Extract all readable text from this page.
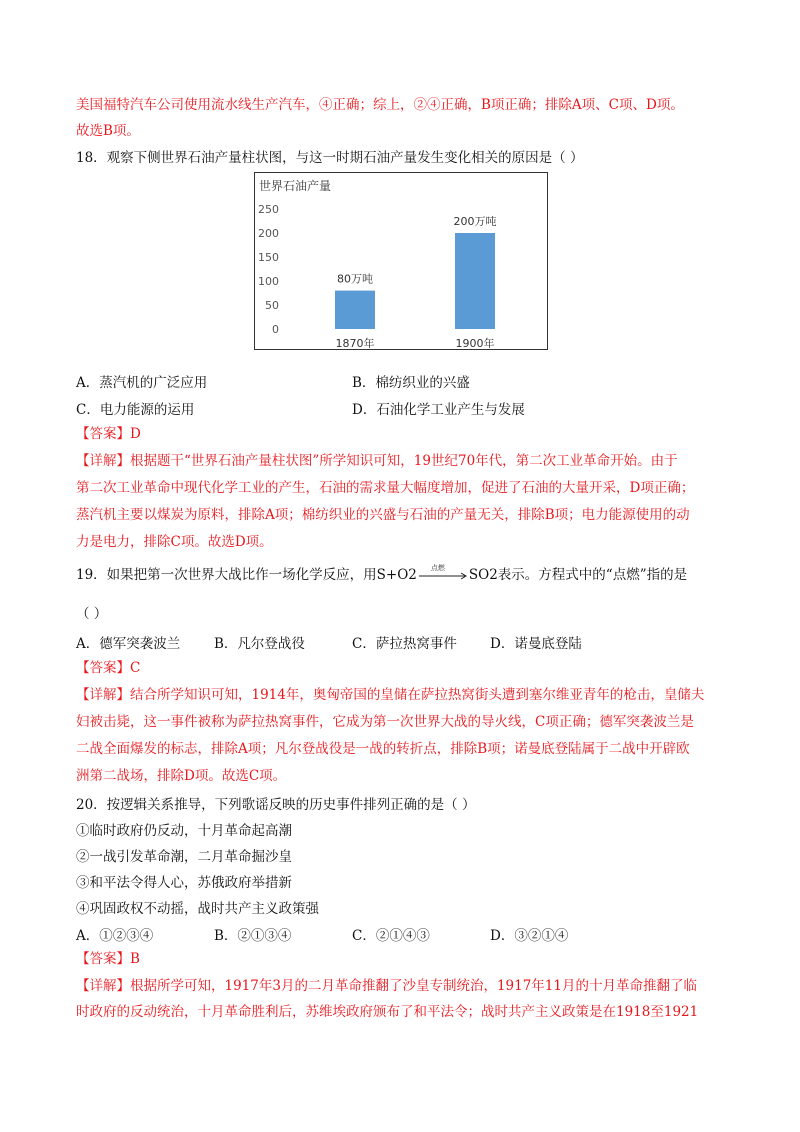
美国福特汽车公司使用流水线生产汽车，④正确；综上，②④正确，B项正确；排除A项、C项、D项。
故选B项。
18．观察下侧世界石油产量柱状图，与这一时期石油产量发生变化相关的原因是（ ）
世界石油产量
0
50
100
150
200
250
80万吨
1870年
200万吨
1900年
A．蒸汽机的广泛应用	B．棉纺织业的兴盛
C．电力能源的运用	D．石油化学工业产生与发展
【答案】D
【详解】根据题干“世界石油产量柱状图”所学知识可知，19世纪70年代，第二次工业革命开始。由于
第二次工业革命中现代化学工业的产生，石油的需求量大幅度增加，促进了石油的大量开采，D项正确；
蒸汽机主要以煤炭为原料，排除A项；棉纺织业的兴盛与石油的产量无关，排除B项；电力能源使用的动
力是电力，排除C项。故选D项。
19．如果把第一次世界大战比作一场化学反应，用S+O2 点燃 SO2表示。方程式中的“点燃”指的是
（ ）
A．德军突袭波兰	B．凡尔登战役	C．萨拉热窝事件 D．诺曼底登陆
【答案】C
【详解】结合所学知识可知，1914年，奥匈帝国的皇储在萨拉热窝街头遭到塞尔维亚青年的枪击，皇储夫
妇被击毙，这一事件被称为萨拉热窝事件，它成为第一次世界大战的导火线，C项正确；德军突袭波兰是
二战全面爆发的标志，排除A项；凡尔登战役是一战的转折点，排除B项；诺曼底登陆属于二战中开辟欧
洲第二战场，排除D项。故选C项。
20．按逻辑关系推导，下列歌谣反映的历史事件排列正确的是（ ）
①临时政府仍反动，十月革命起高潮
②一战引发革命潮，二月革命掘沙皇
③和平法令得人心，苏俄政府举措新
④巩固政权不动摇，战时共产主义政策强
A．①②③④	B．②①③④	C．②①④③	D．③②①④
【答案】B
【详解】根据所学可知，1917年3月的二月革命推翻了沙皇专制统治，1917年11月的十月革命推翻了临
时政府的反动统治，十月革命胜利后，苏维埃政府颁布了和平法令；战时共产主义政策是在1918至1921
